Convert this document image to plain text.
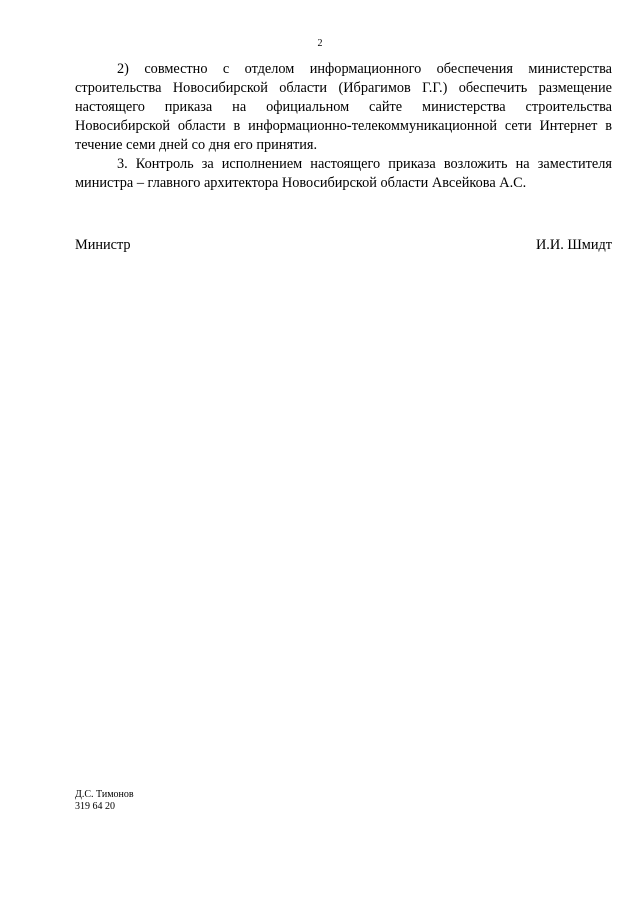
2

2) совместно с отделом информационного обеспечения министерства строительства Новосибирской области (Ибрагимов Г.Г.) обеспечить размещение настоящего приказа на официальном сайте министерства строительства Новосибирской области в информационно-телекоммуникационной сети Интернет в течение семи дней со дня его принятия.

3. Контроль за исполнением настоящего приказа возложить на заместителя министра – главного архитектора Новосибирской области Авсейкова А.С.

Министр	И.И. Шмидт
Д.С. Тимонов
319 64 20
